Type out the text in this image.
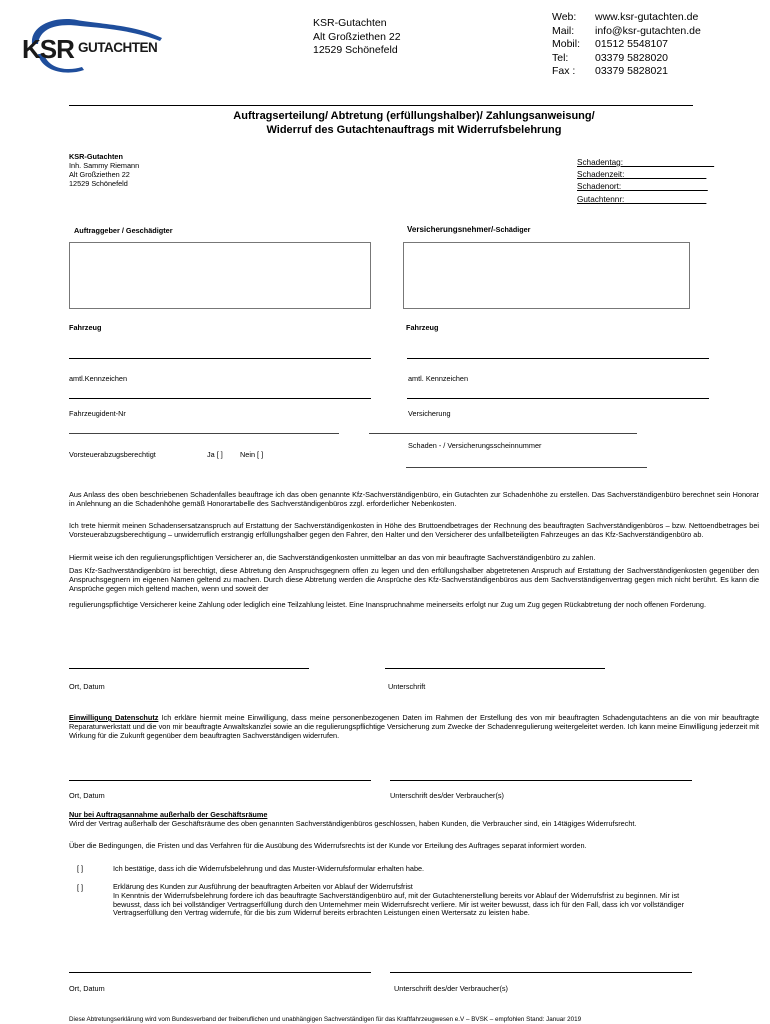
KSR GUTACHTEN
KSR-Gutachten
Alt Großziethen 22
12529 Schönefeld
Web:	www.ksr-gutachten.de
Mail:	info@ksr-gutachten.de
Mobil:	01512 5548107
Tel:	03379 5828020
Fax :	03379 5828021
Auftragserteilung/ Abtretung (erfüllungshalber)/ Zahlungsanweisung/
Widerruf des Gutachtenauftrags mit Widerrufsbelehrung
KSR-Gutachten
Inh. Sammy Riemann
Alt Großziethen 22
12529 Schönefeld
Schadentag:____________________
Schadenzeit:__________________
Schadenort:___________________
Gutachtennr:__________________
Auftraggeber / Geschädigter	Versicherungsnehmer/-Schädiger
Fahrzeug	Fahrzeug
amtl.Kennzeichen	amtl. Kennzeichen
Fahrzeugident-Nr	Versicherung
Schaden - / Versicherungsscheinnummer
Vorsteuerabzugsberechtigt	Ja [ ] Nein [ ]
Aus Anlass des oben beschriebenen Schadenfalles beauftrage ich das oben genannte Kfz-Sachverständigenbüro, ein Gutachten zur Schadenhöhe zu erstellen. Das Sachverständigenbüro berechnet sein Honorar in Anlehnung an die Schadenhöhe gemäß Honorartabelle des Sachverständigenbüros zzgl. erforderlicher Nebenkosten.
Ich trete hiermit meinen Schadensersatzanspruch auf Erstattung der Sachverständigenkosten in Höhe des Bruttoendbetrages der Rechnung des beauftragten Sachverständigenbüros – bzw. Nettoendbetrages bei Vorsteuerabzugsberechtigung – unwiderruflich erstrangig erfüllungshalber gegen den Fahrer, den Halter und den Versicherer des unfallbeteiligten Fahrzeuges an das Kfz-Sachverständigenbüro ab.
Hiermit weise ich den regulierungspflichtigen Versicherer an, die Sachverständigenkosten unmittelbar an das von mir beauftragte Sachverständigenbüro zu zahlen.
Das Kfz-Sachverständigenbüro ist berechtigt, diese Abtretung den Anspruchsgegnern offen zu legen und den erfüllungshalber abgetretenen Anspruch auf Erstattung der Sachverständigenkosten gegenüber den Anspruchsgegnern im eigenen Namen geltend zu machen. Durch diese Abtretung werden die Ansprüche des Kfz-Sachverständigenbüros aus dem Sachverständigenvertrag gegen mich nicht berührt. Es kann die Ansprüche gegen mich geltend machen, wenn und soweit der
regulierungspflichtige Versicherer keine Zahlung oder lediglich eine Teilzahlung leistet. Eine Inanspruchnahme meinerseits erfolgt nur Zug um Zug gegen Rückabtretung der noch offenen Forderung.
Ort, Datum	Unterschrift
Einwilligung Datenschutz Ich erkläre hiermit meine Einwilligung, dass meine personenbezogenen Daten im Rahmen der Erstellung des von mir beauftragten Schadengutachtens an die von mir beauftragte Reparaturwerkstatt und die von mir beauftragte Anwaltskanzlei sowie an die regulierungspflichtige Versicherung zum Zwecke der Schadenregulierung weitergeleitet werden. Ich kann meine Einwilligung jederzeit mit Wirkung für die Zukunft gegenüber dem beauftragten Sachverständigen widerrufen.
Ort, Datum	Unterschrift des/der Verbraucher(s)
Nur bei Auftragsannahme außerhalb der Geschäftsräume
Wird der Vertrag außerhalb der Geschäftsräume des oben genannten Sachverständigenbüros geschlossen, haben Kunden, die Verbraucher sind, ein 14tägiges Widerrufsrecht.
Über die Bedingungen, die Fristen und das Verfahren für die Ausübung des Widerrufsrechts ist der Kunde vor Erteilung des Auftrages separat informiert worden.
[ ]	Ich bestätige, dass ich die Widerrufsbelehrung und das Muster-Widerrufsformular erhalten habe.
[ ]	Erklärung des Kunden zur Ausführung der beauftragten Arbeiten vor Ablauf der Widerrufsfrist
In Kenntnis der Widerrufsbelehrung fordere ich das beauftragte Sachverständigenbüro auf, mit der Gutachtenerstellung bereits vor Ablauf der Widerrufsfrist zu beginnen. Mir ist bewusst, dass ich bei vollständiger Vertragserfüllung durch den Unternehmer mein Widerrufsrecht verliere. Mir ist weiter bewusst, dass ich für den Fall, dass ich vor vollständiger Vertragserfüllung den Vertrag widerrufe, für die bis zum Widerruf bereits erbrachten Leistungen einen Wertersatz zu leisten habe.
Ort, Datum	Unterschrift des/der Verbraucher(s)
Diese Abtretungserklärung wird vom Bundesverband der freiberuflichen und unabhängigen Sachverständigen für das Kraftfahrzeugwesen e.V – BVSK – empfohlen Stand: Januar 2019
